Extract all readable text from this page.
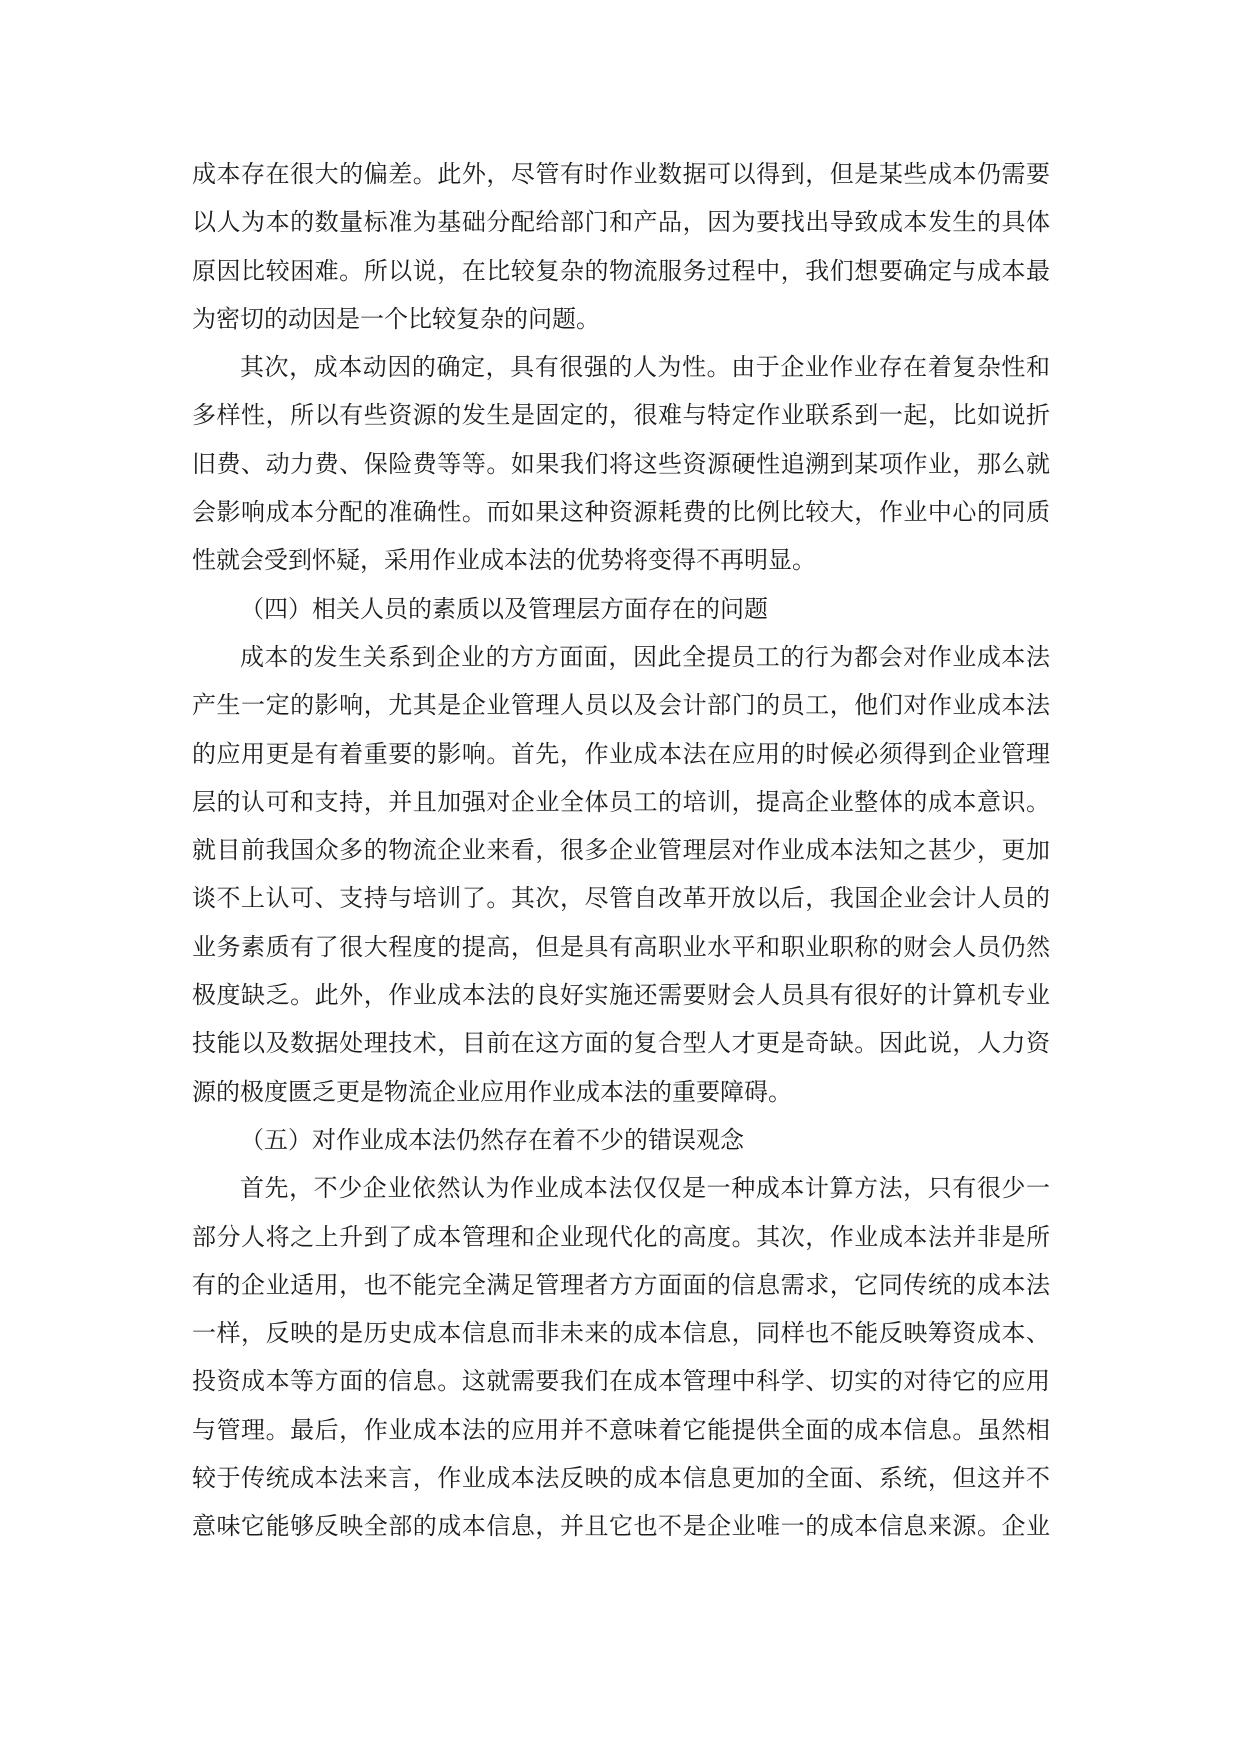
成本存在很大的偏差。此外，尽管有时作业数据可以得到，但是某些成本仍需要
以人为本的数量标准为基础分配给部门和产品，因为要找出导致成本发生的具体
原因比较困难。所以说，在比较复杂的物流服务过程中，我们想要确定与成本最
为密切的动因是一个比较复杂的问题。
其次，成本动因的确定，具有很强的人为性。由于企业作业存在着复杂性和
多样性，所以有些资源的发生是固定的，很难与特定作业联系到一起，比如说折
旧费、动力费、保险费等等。如果我们将这些资源硬性追溯到某项作业，那么就
会影响成本分配的准确性。而如果这种资源耗费的比例比较大，作业中心的同质
性就会受到怀疑，采用作业成本法的优势将变得不再明显。
（四）相关人员的素质以及管理层方面存在的问题
成本的发生关系到企业的方方面面，因此全提员工的行为都会对作业成本法
产生一定的影响，尤其是企业管理人员以及会计部门的员工，他们对作业成本法
的应用更是有着重要的影响。首先，作业成本法在应用的时候必须得到企业管理
层的认可和支持，并且加强对企业全体员工的培训，提高企业整体的成本意识。
就目前我国众多的物流企业来看，很多企业管理层对作业成本法知之甚少，更加
谈不上认可、支持与培训了。其次，尽管自改革开放以后，我国企业会计人员的
业务素质有了很大程度的提高，但是具有高职业水平和职业职称的财会人员仍然
极度缺乏。此外，作业成本法的良好实施还需要财会人员具有很好的计算机专业
技能以及数据处理技术，目前在这方面的复合型人才更是奇缺。因此说，人力资
源的极度匮乏更是物流企业应用作业成本法的重要障碍。
（五）对作业成本法仍然存在着不少的错误观念
首先，不少企业依然认为作业成本法仅仅是一种成本计算方法，只有很少一
部分人将之上升到了成本管理和企业现代化的高度。其次，作业成本法并非是所
有的企业适用，也不能完全满足管理者方方面面的信息需求，它同传统的成本法
一样，反映的是历史成本信息而非未来的成本信息，同样也不能反映筹资成本、
投资成本等方面的信息。这就需要我们在成本管理中科学、切实的对待它的应用
与管理。最后，作业成本法的应用并不意味着它能提供全面的成本信息。虽然相
较于传统成本法来言，作业成本法反映的成本信息更加的全面、系统，但这并不
意味它能够反映全部的成本信息，并且它也不是企业唯一的成本信息来源。企业
